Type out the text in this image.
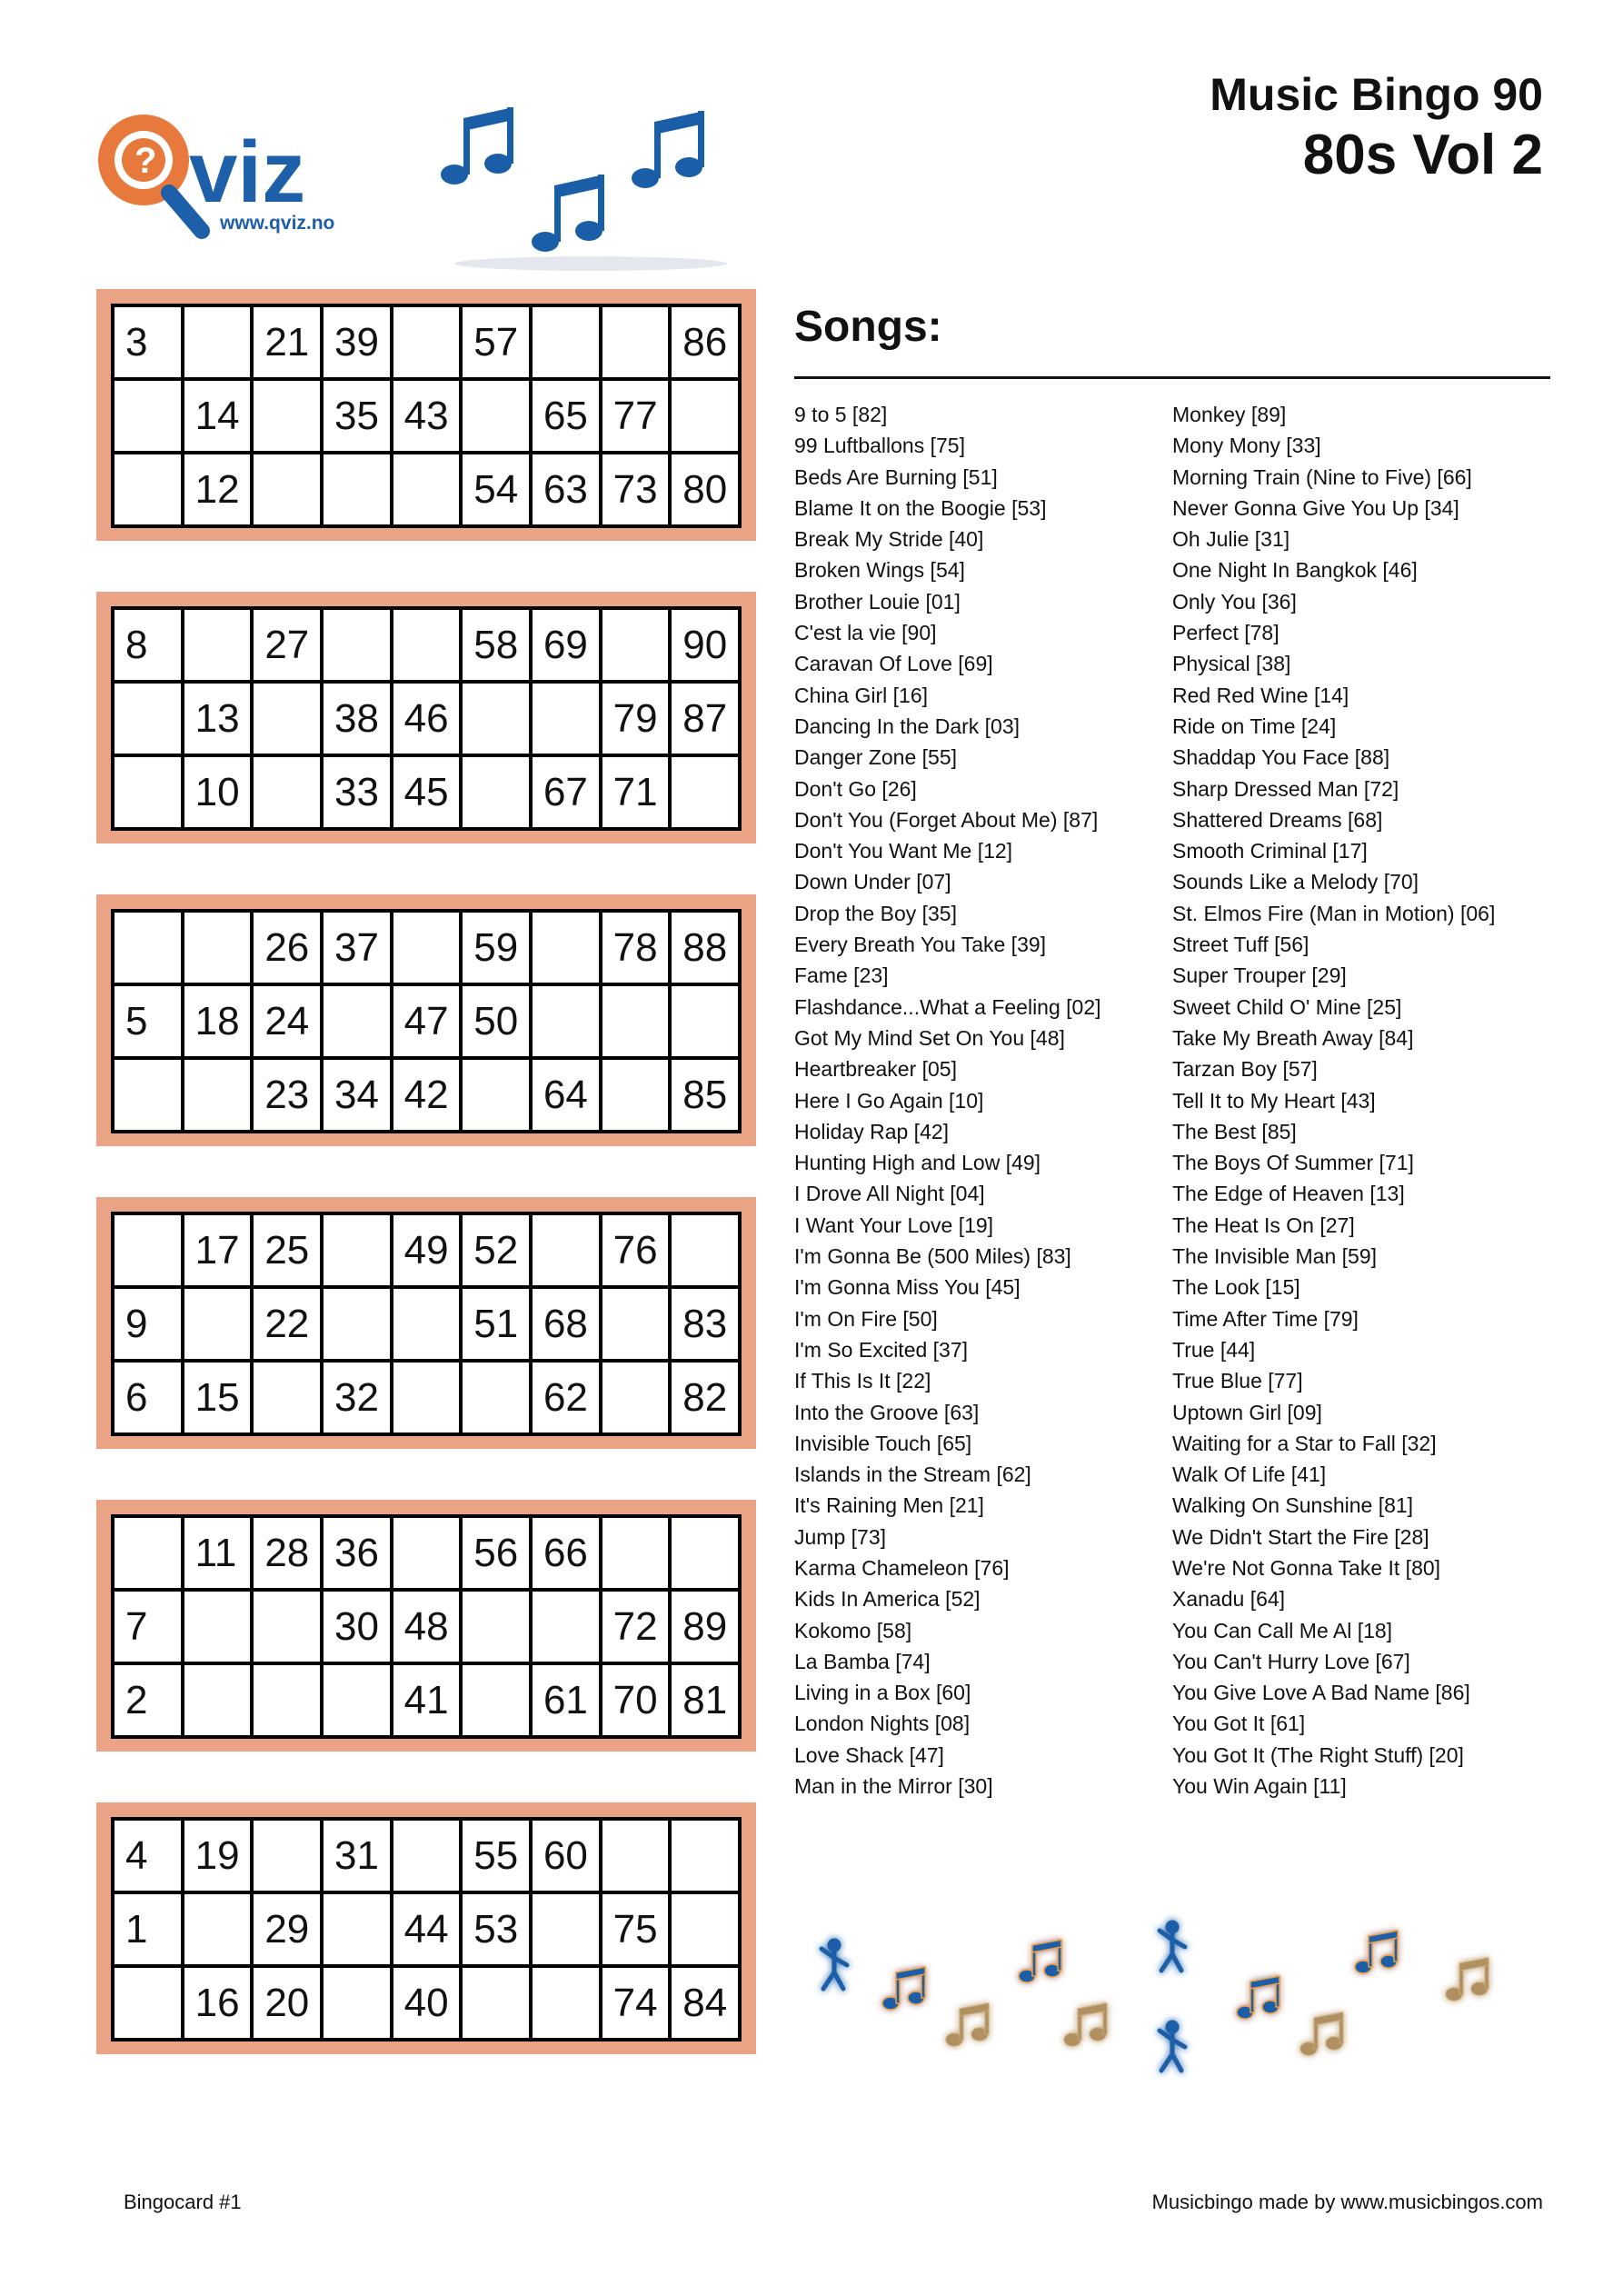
? viz
www.qviz.no
Music Bingo 90
80s Vol 2
3		21	39		57			86
	14		35	43		65	77	
	12				54	63	73	80
8		27			58	69		90
	13		38	46			79	87
	10		33	45		67	71	
		26	37		59		78	88
5	18	24		47	50			
		23	34	42		64		85
	17	25		49	52		76	
9		22			51	68		83
6	15		32			62		82
	11	28	36		56	66		
7			30	48			72	89
2				41		61	70	81
4	19		31		55	60		
1		29		44	53		75	
	16	20		40			74	84
Songs:
9 to 5 [82]
99 Luftballons [75]
Beds Are Burning [51]
Blame It on the Boogie [53]
Break My Stride [40]
Broken Wings [54]
Brother Louie [01]
C'est la vie [90]
Caravan Of Love [69]
China Girl [16]
Dancing In the Dark [03]
Danger Zone [55]
Don't Go [26]
Don't You (Forget About Me) [87]
Don't You Want Me [12]
Down Under [07]
Drop the Boy [35]
Every Breath You Take [39]
Fame [23]
Flashdance...What a Feeling [02]
Got My Mind Set On You [48]
Heartbreaker [05]
Here I Go Again [10]
Holiday Rap [42]
Hunting High and Low [49]
I Drove All Night [04]
I Want Your Love [19]
I'm Gonna Be (500 Miles) [83]
I'm Gonna Miss You [45]
I'm On Fire [50]
I'm So Excited [37]
If This Is It [22]
Into the Groove [63]
Invisible Touch [65]
Islands in the Stream [62]
It's Raining Men [21]
Jump [73]
Karma Chameleon [76]
Kids In America [52]
Kokomo [58]
La Bamba [74]
Living in a Box [60]
London Nights [08]
Love Shack [47]
Man in the Mirror [30]
Monkey [89]
Mony Mony [33]
Morning Train (Nine to Five) [66]
Never Gonna Give You Up [34]
Oh Julie [31]
One Night In Bangkok [46]
Only You [36]
Perfect [78]
Physical [38]
Red Red Wine [14]
Ride on Time [24]
Shaddap You Face [88]
Sharp Dressed Man [72]
Shattered Dreams [68]
Smooth Criminal [17]
Sounds Like a Melody [70]
St. Elmos Fire (Man in Motion) [06]
Street Tuff [56]
Super Trouper [29]
Sweet Child O' Mine [25]
Take My Breath Away [84]
Tarzan Boy [57]
Tell It to My Heart [43]
The Best [85]
The Boys Of Summer [71]
The Edge of Heaven [13]
The Heat Is On [27]
The Invisible Man [59]
The Look [15]
Time After Time [79]
True [44]
True Blue [77]
Uptown Girl [09]
Waiting for a Star to Fall [32]
Walk Of Life [41]
Walking On Sunshine [81]
We Didn't Start the Fire [28]
We're Not Gonna Take It [80]
Xanadu [64]
You Can Call Me Al [18]
You Can't Hurry Love [67]
You Give Love A Bad Name [86]
You Got It [61]
You Got It (The Right Stuff) [20]
You Win Again [11]
Bingocard #1	Musicbingo made by www.musicbingos.com
